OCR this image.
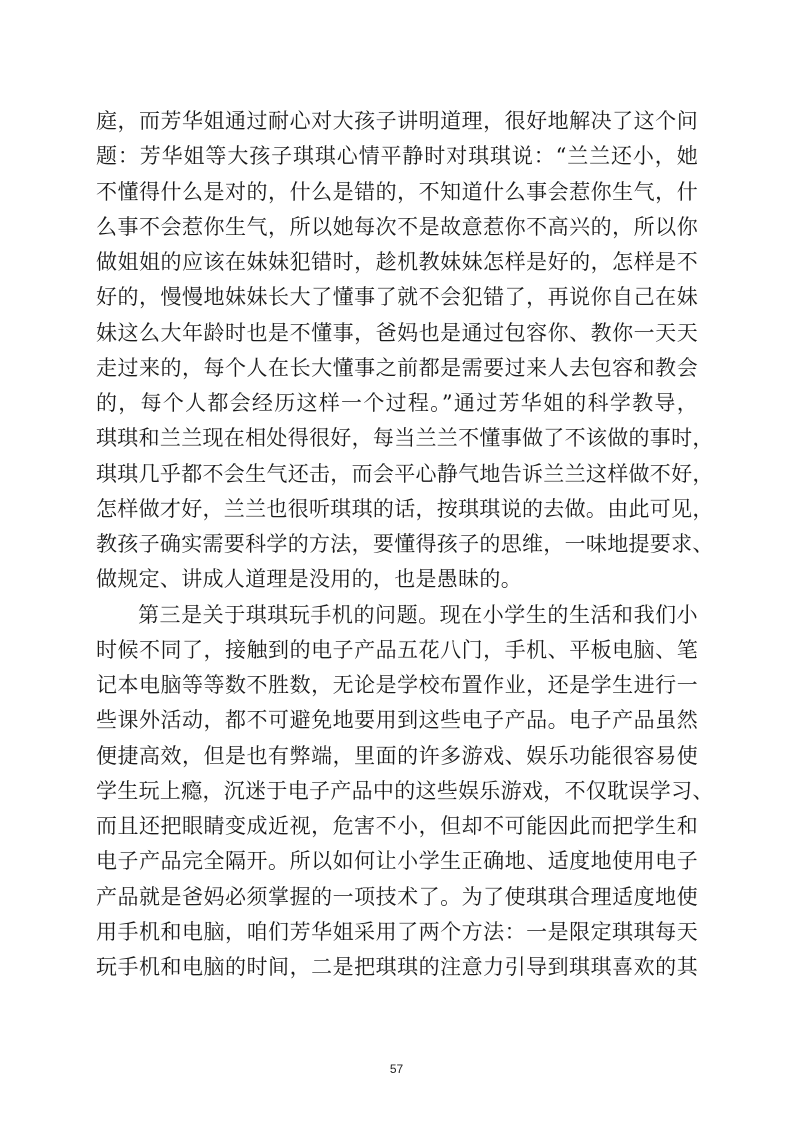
庭，而芳华姐通过耐心对大孩子讲明道理，很好地解决了这个问
题：芳华姐等大孩子琪琪心情平静时对琪琪说：“兰兰还小，她
不懂得什么是对的，什么是错的，不知道什么事会惹你生气，什
么事不会惹你生气，所以她每次不是故意惹你不高兴的，所以你
做姐姐的应该在妹妹犯错时，趁机教妹妹怎样是好的，怎样是不
好的，慢慢地妹妹长大了懂事了就不会犯错了，再说你自己在妹
妹这么大年龄时也是不懂事，爸妈也是通过包容你、教你一天天
走过来的，每个人在长大懂事之前都是需要过来人去包容和教会
的，每个人都会经历这样一个过程。”通过芳华姐的科学教导，
琪琪和兰兰现在相处得很好，每当兰兰不懂事做了不该做的事时，
琪琪几乎都不会生气还击，而会平心静气地告诉兰兰这样做不好，
怎样做才好，兰兰也很听琪琪的话，按琪琪说的去做。由此可见，
教孩子确实需要科学的方法，要懂得孩子的思维，一味地提要求、
做规定、讲成人道理是没用的，也是愚昧的。
第三是关于琪琪玩手机的问题。现在小学生的生活和我们小
时候不同了，接触到的电子产品五花八门，手机、平板电脑、笔
记本电脑等等数不胜数，无论是学校布置作业，还是学生进行一
些课外活动，都不可避免地要用到这些电子产品。电子产品虽然
便捷高效，但是也有弊端，里面的许多游戏、娱乐功能很容易使
学生玩上瘾，沉迷于电子产品中的这些娱乐游戏，不仅耽误学习、
而且还把眼睛变成近视，危害不小，但却不可能因此而把学生和
电子产品完全隔开。所以如何让小学生正确地、适度地使用电子
产品就是爸妈必须掌握的一项技术了。为了使琪琪合理适度地使
用手机和电脑，咱们芳华姐采用了两个方法：一是限定琪琪每天
玩手机和电脑的时间，二是把琪琪的注意力引导到琪琪喜欢的其
57
